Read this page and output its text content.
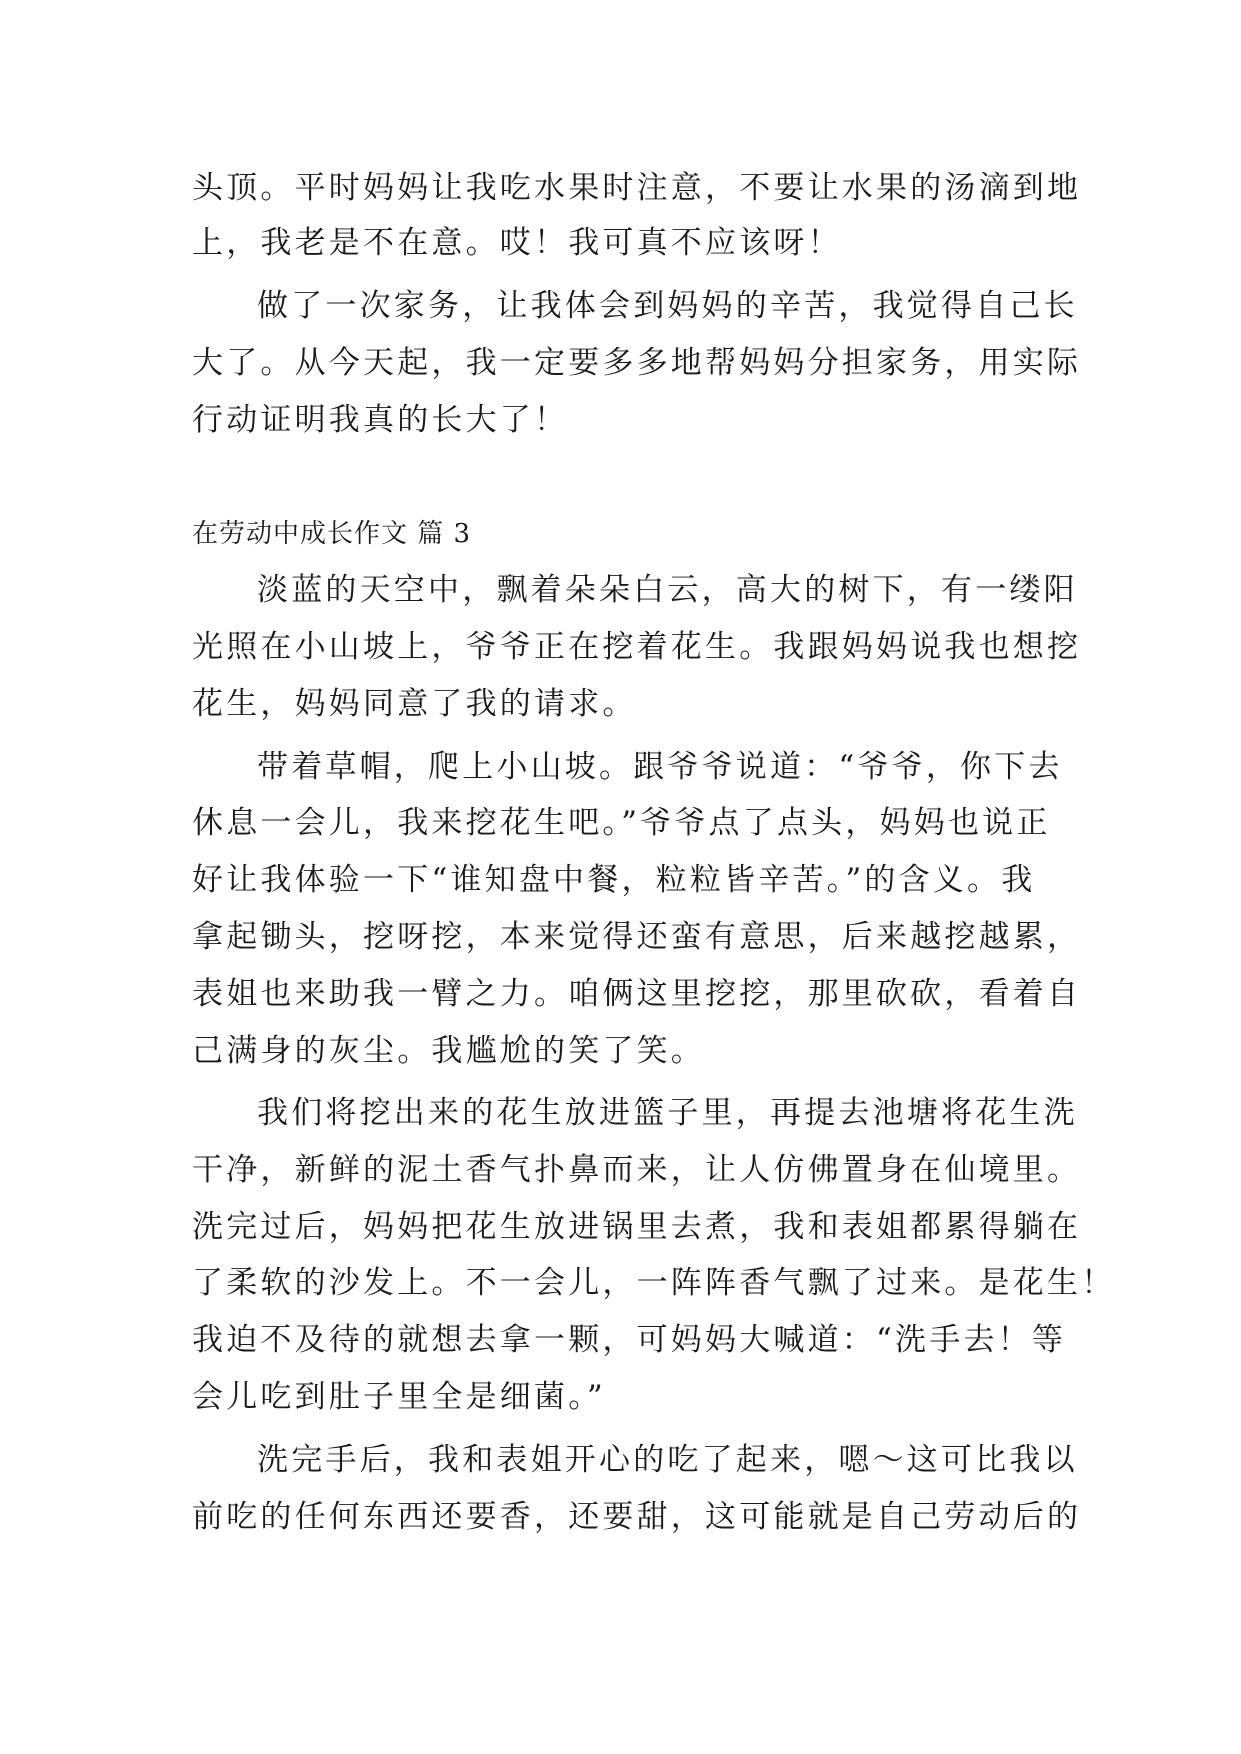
头顶。平时妈妈让我吃水果时注意，不要让水果的汤滴到地
上，我老是不在意。哎！我可真不应该呀！
做了一次家务，让我体会到妈妈的辛苦，我觉得自己长
大了。从今天起，我一定要多多地帮妈妈分担家务，用实际
行动证明我真的长大了！
在劳动中成长作文 篇 3
淡蓝的天空中，飘着朵朵白云，高大的树下，有一缕阳
光照在小山坡上，爷爷正在挖着花生。我跟妈妈说我也想挖
花生，妈妈同意了我的请求。
带着草帽，爬上小山坡。跟爷爷说道：“爷爷，你下去
休息一会儿，我来挖花生吧。”爷爷点了点头，妈妈也说正
好让我体验一下“谁知盘中餐，粒粒皆辛苦。”的含义。我
拿起锄头，挖呀挖，本来觉得还蛮有意思，后来越挖越累，
表姐也来助我一臂之力。咱俩这里挖挖，那里砍砍，看着自
己满身的灰尘。我尴尬的笑了笑。
我们将挖出来的花生放进篮子里，再提去池塘将花生洗
干净，新鲜的泥土香气扑鼻而来，让人仿佛置身在仙境里。
洗完过后，妈妈把花生放进锅里去煮，我和表姐都累得躺在
了柔软的沙发上。不一会儿，一阵阵香气飘了过来。是花生！
我迫不及待的就想去拿一颗，可妈妈大喊道：“洗手去！等
会儿吃到肚子里全是细菌。”
洗完手后，我和表姐开心的吃了起来，嗯～这可比我以
前吃的任何东西还要香，还要甜，这可能就是自己劳动后的
